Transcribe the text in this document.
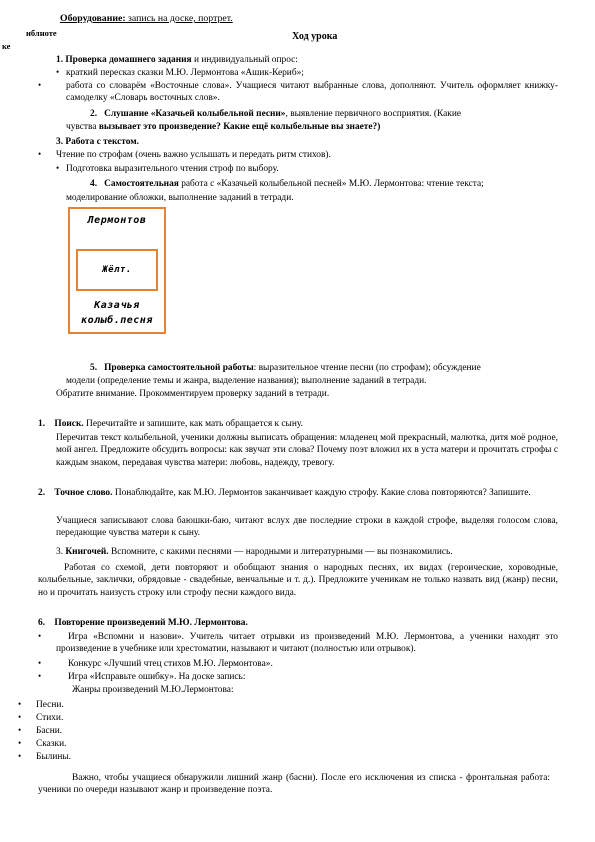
Оборудование: запись на доске, портрет.
иблноте
ке
Ход урока
1. Проверка домашнего задания и индивидуальный опрос:
• краткий пересказ сказки М.Ю. Лермонтова «Ашик-Кериб»;
•	работа со словарём «Восточные слова». Учащиеся читают выбранные слова, дополняют. Учитель оформляет книжку- самоделку «Словарь восточных слов».
2. Слушание «Казачьей колыбельной песни», выявление первичного восприятия. (Какие
чувства вызывает это произведение? Какие ещё колыбельные вы знаете?)
3. Работа с текстом.
• Чтение по строфам (очень важно услышать и передать ритм стихов).
• Подготовка выразительного чтения строф по выбору.
4. Самостоятельная работа с «Казачьей колыбельной песней» М.Ю. Лермонтова: чтение текста;
моделирование обложки, выполнение заданий в тетради.
Лермонтов
Жёлт.
Казачья
колыб.песня
5. Проверка самостоятельной работы: выразительное чтение песни (по строфам); обсуждение
модели (определение темы и жанра, выделение названия); выполнение заданий в тетради.
Обратите внимание. Прокомментируем проверку заданий в тетради.
1. Поиск. Перечитайте и запишите, как мать обращается к сыну.
Перечитав текст колыбельной, ученики должны выписать обращения: младенец мой прекрасный, малютка, дитя моё родное, мой ангел. Предложите обсудить вопросы: как звучат эти слова? Почему поэт вложил их в уста матери и прочитать строфы с каждым знаком, передавая чувства матери: любовь, надежду, тревогу.
2. Точное слово. Понаблюдайте, как М.Ю. Лермонтов заканчивает каждую строфу. Какие слова повторяются? Запишите.
Учащиеся записывают слова баюшки-баю, читают вслух две последние строки в каждой строфе, выделяя голосом слова, передающие чувства матери к сыну.
3. Книгочей. Вспомните, с какими песнями — народными и литературными — вы познакомились.
Работая со схемой, дети повторяют и обобщают знания о народных песнях, их видах (героические, хороводные, колыбельные, заклички, обрядовые - свадебные, венчальные и т. д.). Предложите ученикам не только назвать вид (жанр) песни, но и прочитать наизусть строку или строфу песни каждого вида.
6. Повторение произведений М.Ю. Лермонтова.
•	Игра «Вспомни и назови». Учитель читает отрывки из произведений М.Ю. Лермонтова, а ученики находят это произведение в учебнике или хрестоматии, называют и читают (полностью или отрывок).
•	Конкурс «Лучший чтец стихов М.Ю. Лермонтова».
•	Игра «Исправьте ошибку». На доске запись:
Жанры произведений М.Ю.Лермонтова:
• Песни.
• Стихи.
• Басни.
• Сказки.
• Былины.
Важно, чтобы учащиеся обнаружили лишний жанр (басни). После его исключения из списка - фронтальная работа: ученики по очереди называют жанр и произведение поэта.
